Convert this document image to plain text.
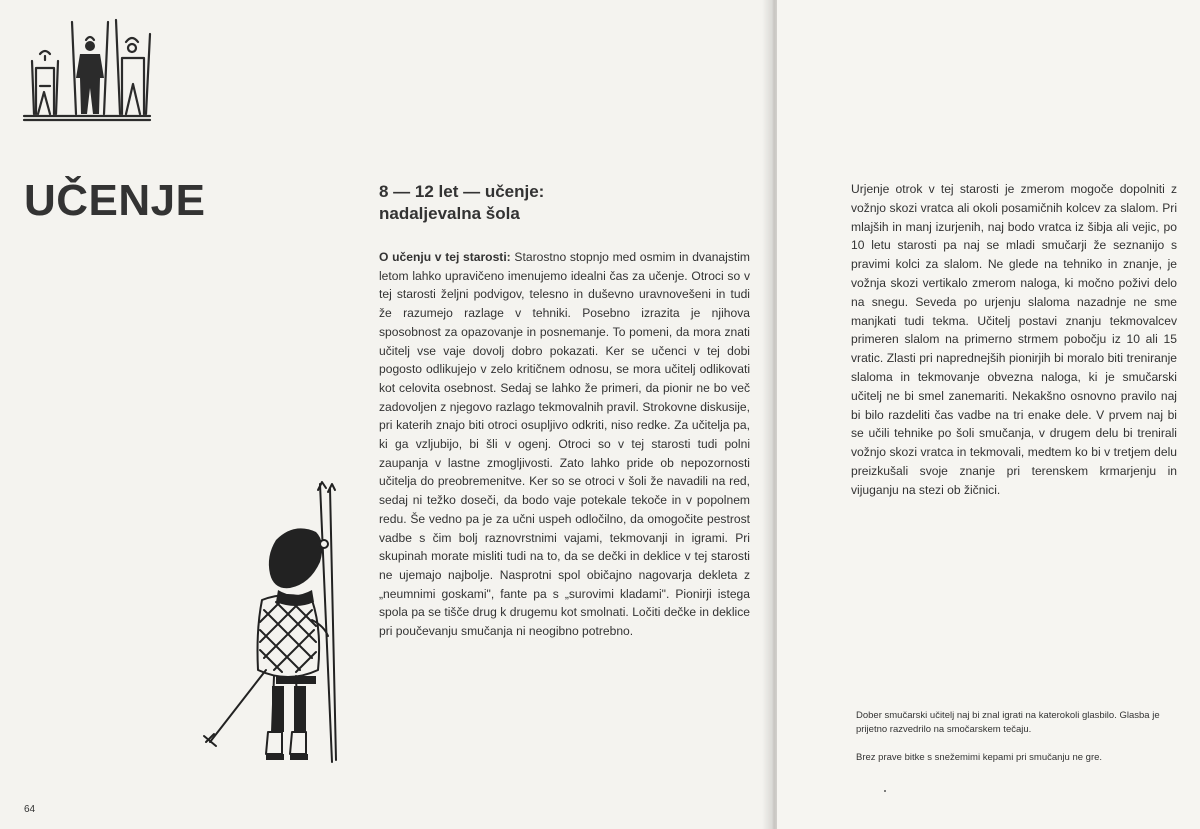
UČENJE	8 — 12 let — učenje:
nadaljevalna šola
O učenju v tej starosti: Starostno stopnjo med osmim in dvanajstim letom lahko upravičeno imenujemo idealni čas za učenje. Otroci so v tej starosti željni podvigov, telesno in duševno uravnovešeni in tudi že razumejo razlage v tehniki. Posebno izrazita je njihova sposobnost za opazovanje in posnemanje. To pomeni, da mora znati učitelj vse vaje dovolj dobro pokazati. Ker se učenci v tej dobi pogosto odlikujejo v zelo kritičnem odnosu, se mora učitelj odlikovati kot celovita osebnost. Sedaj se lahko že primeri, da pionir ne bo več zadovoljen z njegovo razlago tekmovalnih pravil. Strokovne diskusije, pri katerih znajo biti otroci osupljivo odkriti, niso redke. Za učitelja pa, ki ga vzljubijo, bi šli v ogenj. Otroci so v tej starosti tudi polni zaupanja v lastne zmogljivosti. Zato lahko pride ob nepozornosti učitelja do preobremenitve. Ker so se otroci v šoli že navadili na red, sedaj ni težko doseči, da bodo vaje potekale tekoče in v popolnem redu. Še vedno pa je za učni uspeh odločilno, da omogočite pestrost vadbe s čim bolj raznovrstnimi vajami, tekmovanji in igrami. Pri skupinah morate misliti tudi na to, da se dečki in deklice v tej starosti ne ujemajo najbolje. Nasprotni spol običajno nagovarja dekleta z „neumnimi goskami", fante pa s „surovimi kladami". Pionirji istega spola pa se tišče drug k drugemu kot smolnati. Ločiti dečke in deklice pri poučevanju smučanja ni neogibno potrebno.
64
Urjenje otrok v tej starosti je zmerom mogoče dopolniti z vožnjo skozi vratca ali okoli posamičnih kolcev za slalom. Pri mlajših in manj izurjenih, naj bodo vratca iz šibja ali vejic, po 10 letu starosti pa naj se mladi smučarji že seznanijo s pravimi kolci za slalom. Ne glede na tehniko in znanje, je vožnja skozi vertikalo zmerom naloga, ki močno poživi delo na snegu. Seveda po urjenju slaloma nazadnje ne sme manjkati tudi tekma. Učitelj postavi znanju tekmovalcev primeren slalom na primerno strmem pobočju iz 10 ali 15 vratic. Zlasti pri naprednejših pionirjih bi moralo biti treniranje slaloma in tekmovanje obvezna naloga, ki je smučarski učitelj ne bi smel zanemariti. Nekakšno osnovno pravilo naj bi bilo razdeliti čas vadbe na tri enake dele. V prvem naj bi se učili tehnike po šoli smučanja, v drugem delu bi trenirali vožnjo skozi vratca in tekmovali, medtem ko bi v tretjem delu preizkušali svoje znanje pri terenskem krmarjenju in vijuganju na stezi ob žičnici.
Dober smučarski učitelj naj bi znal igrati na katerokoli glasbilo. Glasba je prijetno razvedrilo na smočarskem tečaju.
Brez prave bitke s snežemimi kepami pri smučanju ne gre.
